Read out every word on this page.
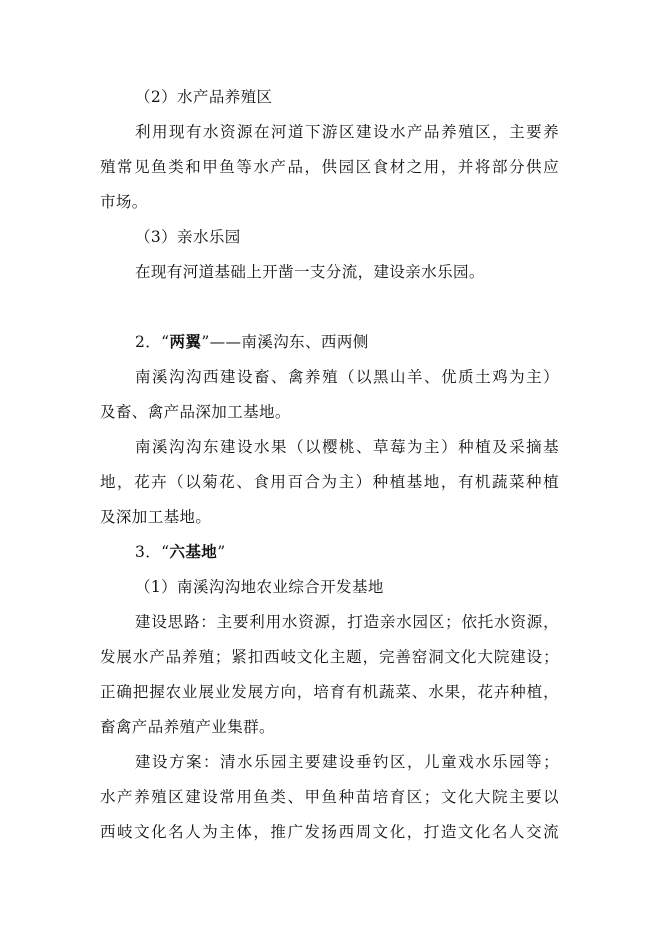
（2）水产品养殖区
利用现有水资源在河道下游区建设水产品养殖区，主要养
殖常见鱼类和甲鱼等水产品，供园区食材之用，并将部分供应
市场。
（3）亲水乐园
在现有河道基础上开凿一支分流，建设亲水乐园。
2．“两翼”——南溪沟东、西两侧
南溪沟沟西建设畜、禽养殖（以黑山羊、优质土鸡为主）
及畜、禽产品深加工基地。
南溪沟沟东建设水果（以樱桃、草莓为主）种植及采摘基
地，花卉（以菊花、食用百合为主）种植基地，有机蔬菜种植
及深加工基地。
3．“六基地”
（1）南溪沟沟地农业综合开发基地
建设思路：主要利用水资源，打造亲水园区；依托水资源，
发展水产品养殖；紧扣西岐文化主题，完善窑洞文化大院建设；
正确把握农业展业发展方向，培育有机蔬菜、水果，花卉种植，
畜禽产品养殖产业集群。
建设方案：清水乐园主要建设垂钓区，儿童戏水乐园等；
水产养殖区建设常用鱼类、甲鱼种苗培育区；文化大院主要以
西岐文化名人为主体，推广发扬西周文化，打造文化名人交流
